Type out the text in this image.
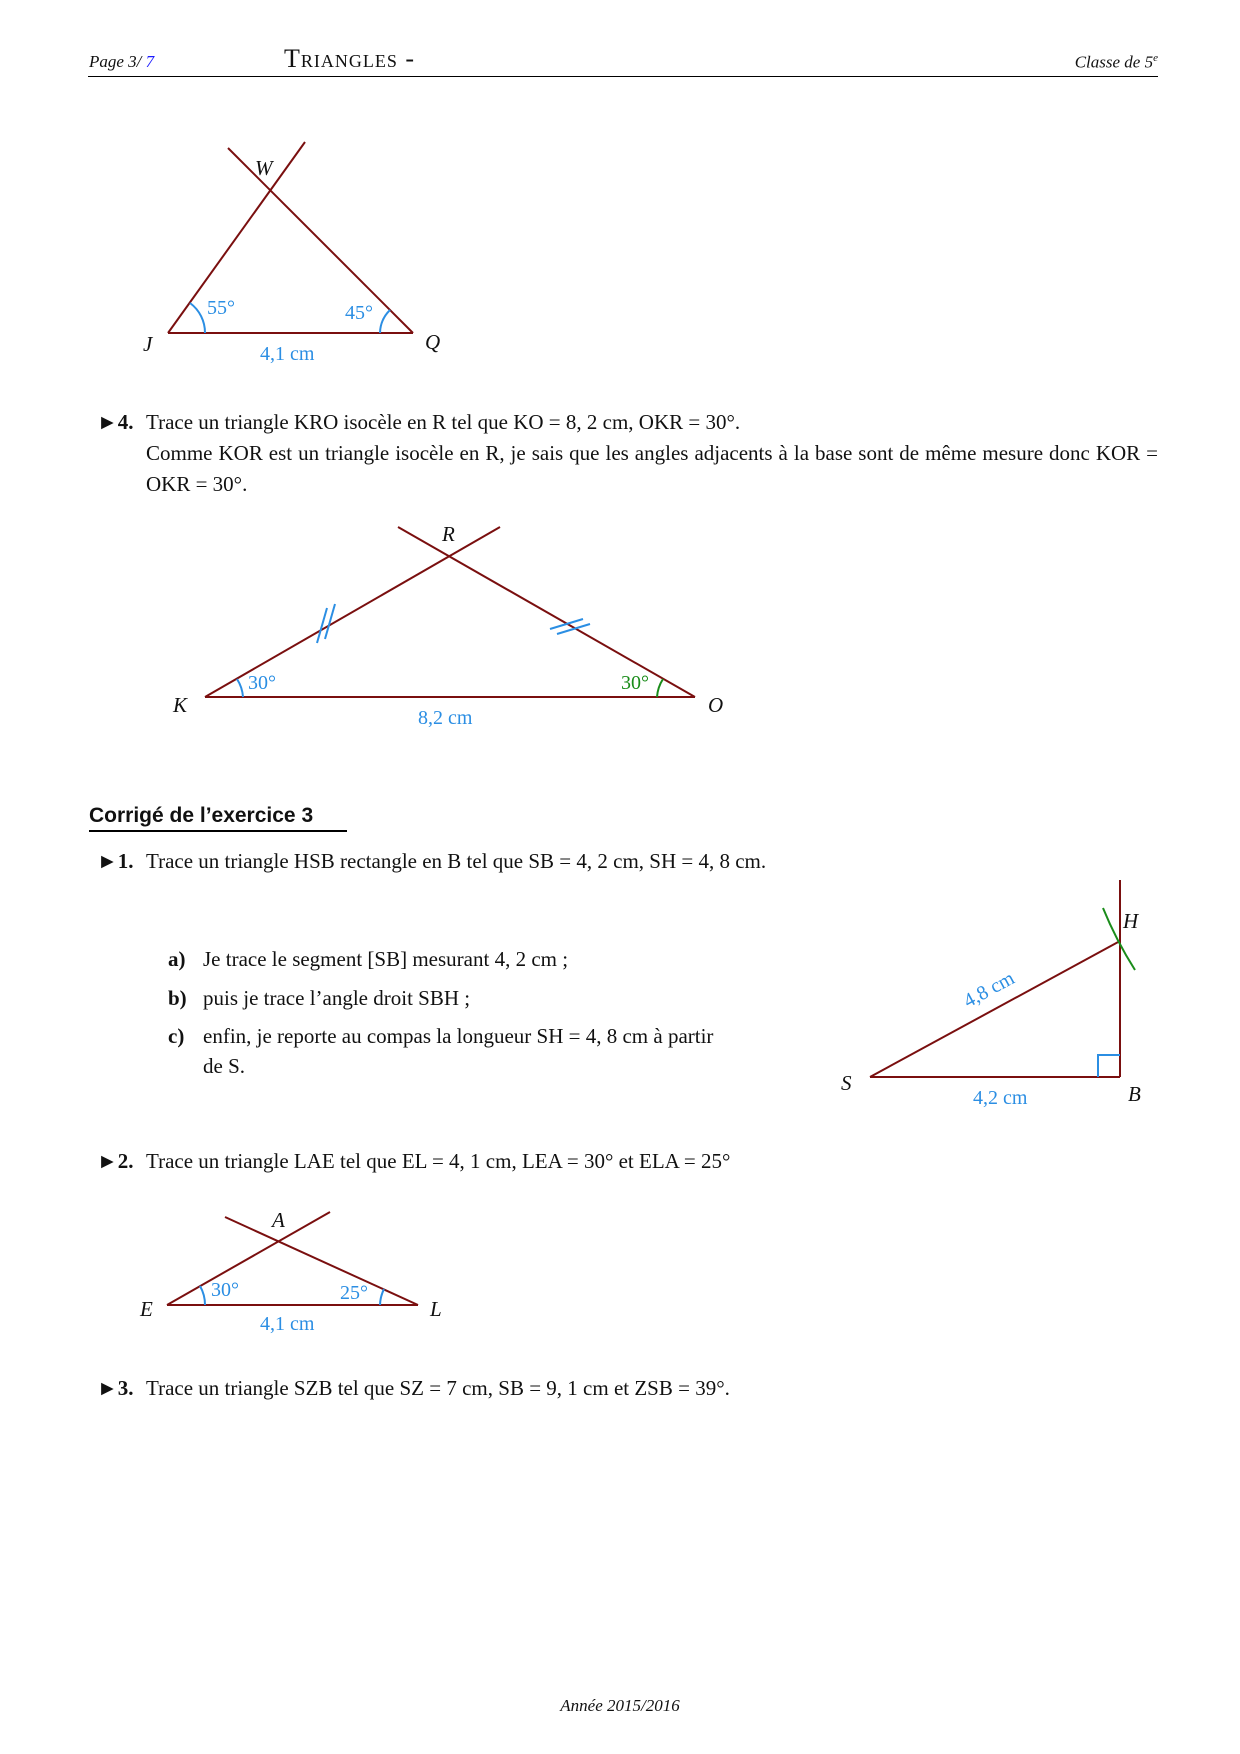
Page 3/ 7	Triangles -	Classe de 5e
W
J	Q
55°	45°
4,1 cm
R
K	O
30°	30°
8,2 cm
H
S	B
4,8 cm
4,2 cm
A
E	L
30°	25°
4,1 cm
►4. Trace un triangle KRO isocèle en R tel que KO = 8, 2 cm, OKR = 30°.
Comme KOR est un triangle isocèle en R, je sais que les angles adjacents à la base sont de même mesure donc KOR = OKR = 30°.
Corrigé de l’exercice 3
►1. Trace un triangle HSB rectangle en B tel que SB = 4, 2 cm, SH = 4, 8 cm.
a) Je trace le segment [SB] mesurant 4, 2 cm ;
b) puis je trace l’angle droit SBH ;
c) enfin, je reporte au compas la longueur SH = 4, 8 cm à partir
de S.
►2. Trace un triangle LAE tel que EL = 4, 1 cm, LEA = 30° et ELA = 25°
►3. Trace un triangle SZB tel que SZ = 7 cm, SB = 9, 1 cm et ZSB = 39°.
Année 2015/2016
